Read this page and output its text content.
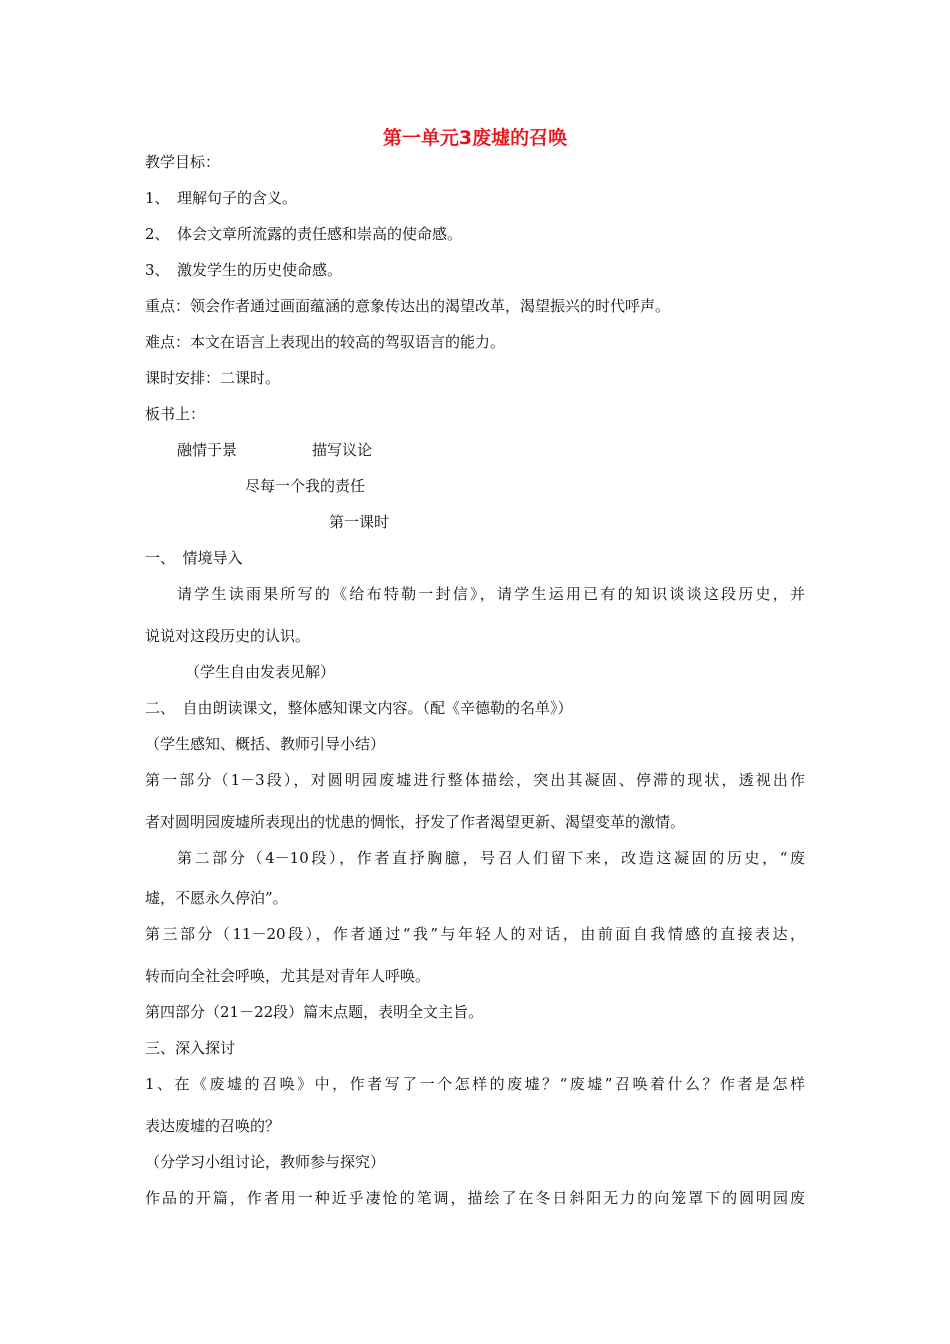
第一单元3废墟的召唤
教学目标：
1、　理解句子的含义。
2、　体会文章所流露的责任感和崇高的使命感。
3、　激发学生的历史使命感。
重点：领会作者通过画面蕴涵的意象传达出的渴望改革，渴望振兴的时代呼声。
难点：本文在语言上表现出的较高的驾驭语言的能力。
课时安排：二课时。
板书上：
融情于景	描写议论
尽每一个我的责任
第一课时
一、　情境导入
请学生读雨果所写的《给布特勒一封信》，请学生运用已有的知识谈谈这段历史，并
说说对这段历史的认识。
（学生自由发表见解）
二、　自由朗读课文，整体感知课文内容。（配《辛德勒的名单》）
（学生感知、概括、教师引导小结）
第一部分（1－3段），对圆明园废墟进行整体描绘，突出其凝固、停滞的现状，透视出作
者对圆明园废墟所表现出的忧患的惆怅，抒发了作者渴望更新、渴望变革的激情。
第二部分（4－10段），作者直抒胸臆，号召人们留下来，改造这凝固的历史，“废
墟，不愿永久停泊”。
第三部分（11－20段），作者通过“我”与年轻人的对话，由前面自我情感的直接表达，
转而向全社会呼唤，尤其是对青年人呼唤。
第四部分（21－22段）篇末点题，表明全文主旨。
三、深入探讨
1、在《废墟的召唤》中，作者写了一个怎样的废墟？“废墟”召唤着什么？作者是怎样
表达废墟的召唤的？
（分学习小组讨论，教师参与探究）
作品的开篇，作者用一种近乎凄怆的笔调，描绘了在冬日斜阳无力的向笼罩下的圆明园废
